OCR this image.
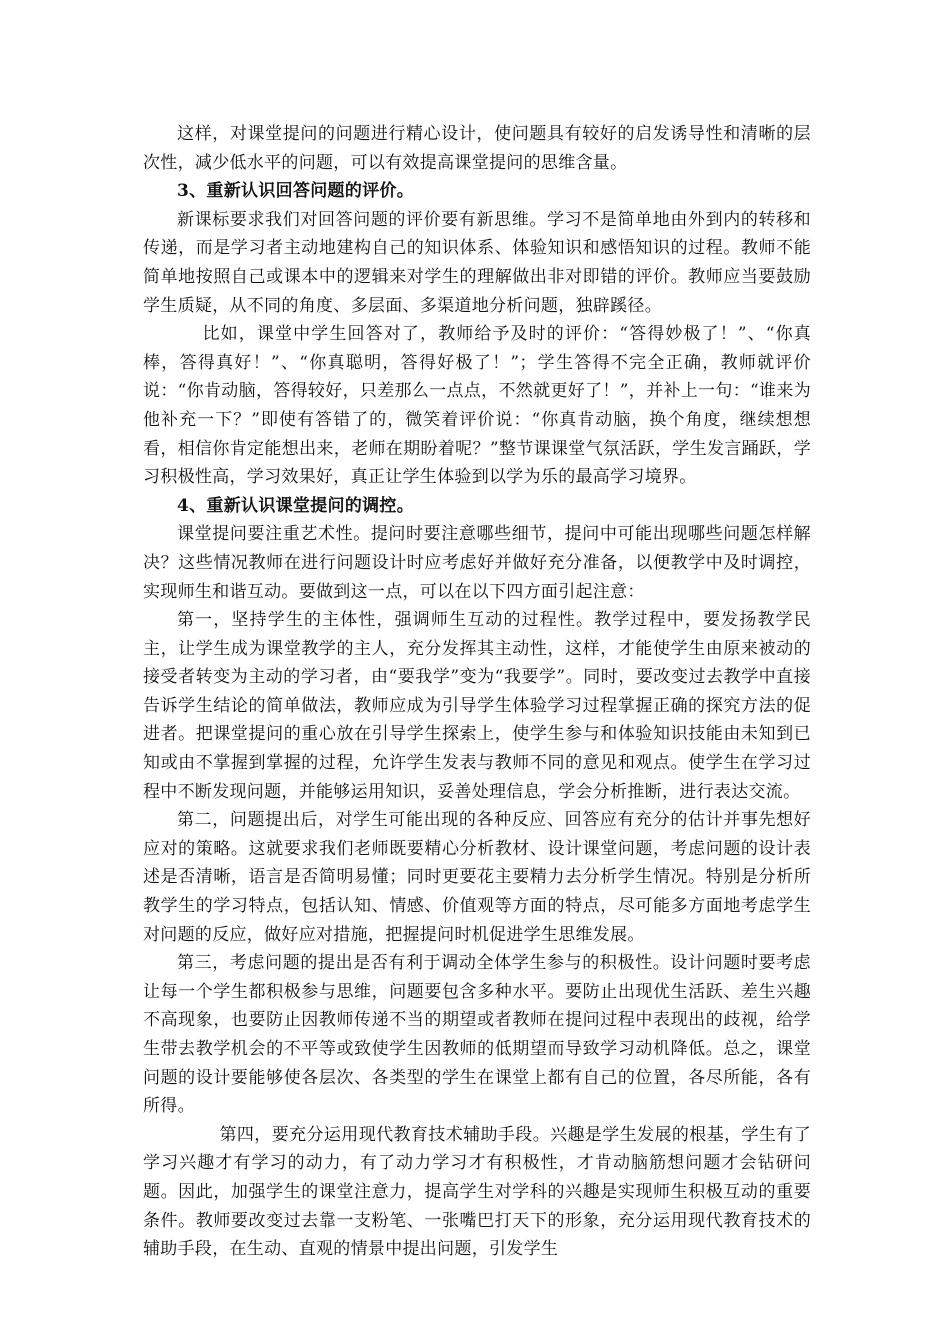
这样，对课堂提问的问题进行精心设计，使问题具有较好的启发诱导性和清晰的层次性，减少低水平的问题，可以有效提高课堂提问的思维含量。

3、重新认识回答问题的评价。

新课标要求我们对回答问题的评价要有新思维。学习不是简单地由外到内的转移和传递，而是学习者主动地建构自己的知识体系、体验知识和感悟知识的过程。教师不能简单地按照自己或课本中的逻辑来对学生的理解做出非对即错的评价。教师应当要鼓励学生质疑，从不同的角度、多层面、多渠道地分析问题，独辟蹊径。

比如，课堂中学生回答对了，教师给予及时的评价：“答得妙极了！”、“你真棒，答得真好！”、“你真聪明，答得好极了！”；学生答得不完全正确，教师就评价说：“你肯动脑，答得较好，只差那么一点点，不然就更好了！”，并补上一句：“谁来为他补充一下？”即使有答错了的，微笑着评价说：“你真肯动脑，换个角度，继续想想看，相信你肯定能想出来，老师在期盼着呢？”整节课课堂气氛活跃，学生发言踊跃，学习积极性高，学习效果好，真正让学生体验到以学为乐的最高学习境界。

4、重新认识课堂提问的调控。

课堂提问要注重艺术性。提问时要注意哪些细节，提问中可能出现哪些问题怎样解决？这些情况教师在进行问题设计时应考虑好并做好充分准备，以便教学中及时调控，实现师生和谐互动。要做到这一点，可以在以下四方面引起注意：

第一，坚持学生的主体性，强调师生互动的过程性。教学过程中，要发扬教学民主，让学生成为课堂教学的主人，充分发挥其主动性，这样，才能使学生由原来被动的接受者转变为主动的学习者，由“要我学”变为“我要学”。同时，要改变过去教学中直接告诉学生结论的简单做法，教师应成为引导学生体验学习过程掌握正确的探究方法的促进者。把课堂提问的重心放在引导学生探索上，使学生参与和体验知识技能由未知到已知或由不掌握到掌握的过程，允许学生发表与教师不同的意见和观点。使学生在学习过程中不断发现问题，并能够运用知识，妥善处理信息，学会分析推断，进行表达交流。

第二，问题提出后，对学生可能出现的各种反应、回答应有充分的估计并事先想好应对的策略。这就要求我们老师既要精心分析教材、设计课堂问题，考虑问题的设计表述是否清晰，语言是否简明易懂；同时更要花主要精力去分析学生情况。特别是分析所教学生的学习特点，包括认知、情感、价值观等方面的特点，尽可能多方面地考虑学生对问题的反应，做好应对措施，把握提问时机促进学生思维发展。

第三，考虑问题的提出是否有利于调动全体学生参与的积极性。设计问题时要考虑让每一个学生都积极参与思维，问题要包含多种水平。要防止出现优生活跃、差生兴趣不高现象，也要防止因教师传递不当的期望或者教师在提问过程中表现出的歧视，给学生带去教学机会的不平等或致使学生因教师的低期望而导致学习动机降低。总之，课堂问题的设计要能够使各层次、各类型的学生在课堂上都有自己的位置，各尽所能，各有所得。

第四，要充分运用现代教育技术辅助手段。兴趣是学生发展的根基，学生有了学习兴趣才有学习的动力，有了动力学习才有积极性，才肯动脑筋想问题才会钻研问题。因此，加强学生的课堂注意力，提高学生对学科的兴趣是实现师生积极互动的重要条件。教师要改变过去靠一支粉笔、一张嘴巴打天下的形象，充分运用现代教育技术的辅助手段，在生动、直观的情景中提出问题，引发学生
